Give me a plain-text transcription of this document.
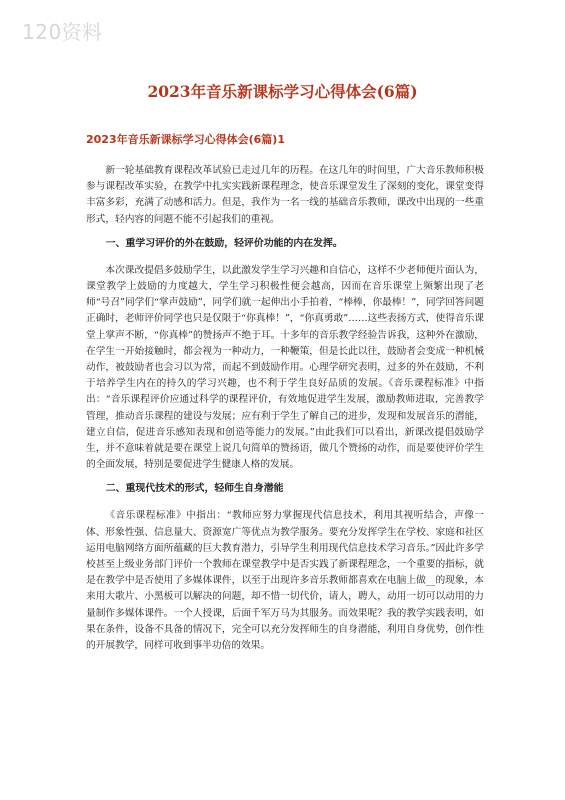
120资料
2023年音乐新课标学习心得体会(6篇)
2023年音乐新课标学习心得体会(6篇)1

新一轮基础教育课程改革试验已走过几年的历程。在这几年的时间里，广大音乐教师积极参与课程改革实验，在教学中扎实实践新课程理念，使音乐课堂发生了深刻的变化，课堂变得丰富多彩，充满了动感和活力。但是，我作为一名一线的基础音乐教师，课改中出现的一些重形式，轻内容的问题不能不引起我们的重视。

一、重学习评价的外在鼓励，轻评价功能的内在发挥。

本次课改提倡多鼓励学生，以此激发学生学习兴趣和自信心，这样不少老师便片面认为，课堂教学上鼓励的力度越大，学生学习积极性便会越高，因而在音乐课堂上频繁出现了老师“号召”同学们“掌声鼓励”，同学们就一起伸出小手拍着，“棒棒，你最棒！”，同学回答问题正确时，老师评价同学也只是仅限于“你真棒！”，“你真勇敢”……这些表扬方式，使得音乐课堂上掌声不断，“你真棒”的赞扬声不绝于耳。十多年的音乐教学经验告诉我，这种外在激励，在学生一开始接触时，都会视为一种动力，一种鞭策，但是长此以往，鼓励者会变成一种机械动作，被鼓励者也会习以为常，而起不到鼓励作用。心理学研究表明，过多的外在鼓励，不利于培养学生内在的持久的学习兴趣，也不利于学生良好品质的发展。《音乐课程标准》中指出：“音乐课程评价应通过科学的课程评价，有效地促进学生发展，激励教师进取，完善教学管理，推动音乐课程的建设与发展；应有利于学生了解自己的进步，发现和发展音乐的潜能，建立自信，促进音乐感知表现和创造等能力的发展。”由此我们可以看出，新课改提倡鼓励学生，并不意味着就是要在课堂上说几句简单的赞扬语，做几个赞扬的动作，而是要使评价学生的全面发展，特别是要促进学生健康人格的发展。

二、重现代技术的形式，轻师生自身潜能

《音乐课程标准》中指出：“教师应努力掌握现代信息技术，利用其视听结合，声像一体、形象性强、信息量大、资源宽广等优点为教学服务。要充分发挥学生在学校、家庭和社区运用电脑网络方面所蕴藏的巨大教育潜力，引导学生利用现代信息技术学习音乐。”因此许多学校甚至上级业务部门评价一个教师在课堂教学中是否实践了新课程理念，一个重要的指标，就是在教学中是否使用了多媒体课件，以至于出现许多音乐教师都喜欢在电脑上做__的现象，本来用大歌片、小黑板可以解决的问题，却不惜一切代价，请人，聘人，动用一切可以动用的力量制作多媒体课件。一个人授课，后面千军万马为其服务。而效果呢？我的教学实践表明，如果在条件，设备不具备的情况下，完全可以充分发挥师生的自身潜能，利用自身优势，创作性的开展教学，同样可收到事半功倍的效果。
